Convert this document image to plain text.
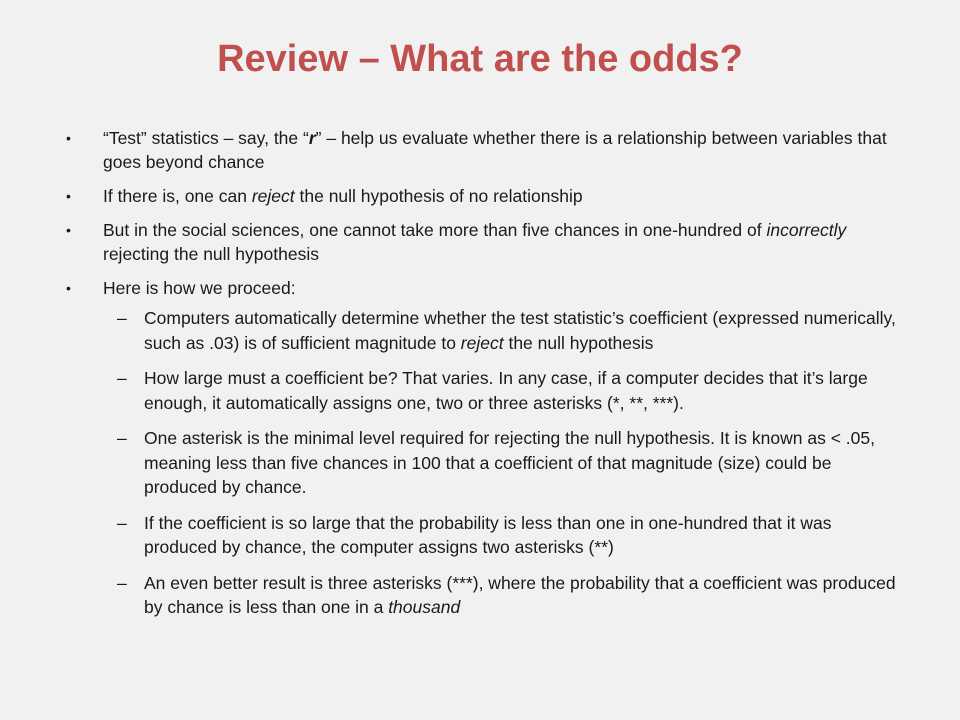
Review – What are the odds?
• “Test” statistics – say, the “r” – help us evaluate whether there is a relationship between variables that goes beyond chance
• If there is, one can reject the null hypothesis of no relationship
• But in the social sciences, one cannot take more than five chances in one-hundred of incorrectly rejecting the null hypothesis
• Here is how we proceed:
– Computers automatically determine whether the test statistic’s coefficient (expressed numerically, such as .03) is of sufficient magnitude to reject the null hypothesis
– How large must a coefficient be? That varies. In any case, if a computer decides that it’s large enough, it automatically assigns one, two or three asterisks (*, **, ***).
– One asterisk is the minimal level required for rejecting the null hypothesis. It is known as < .05, meaning less than five chances in 100 that a coefficient of that magnitude (size) could be produced by chance.
– If the coefficient is so large that the probability is less than one in one-hundred that it was produced by chance, the computer assigns two asterisks (**)
– An even better result is three asterisks (***), where the probability that a coefficient was produced by chance is less than one in a thousand
